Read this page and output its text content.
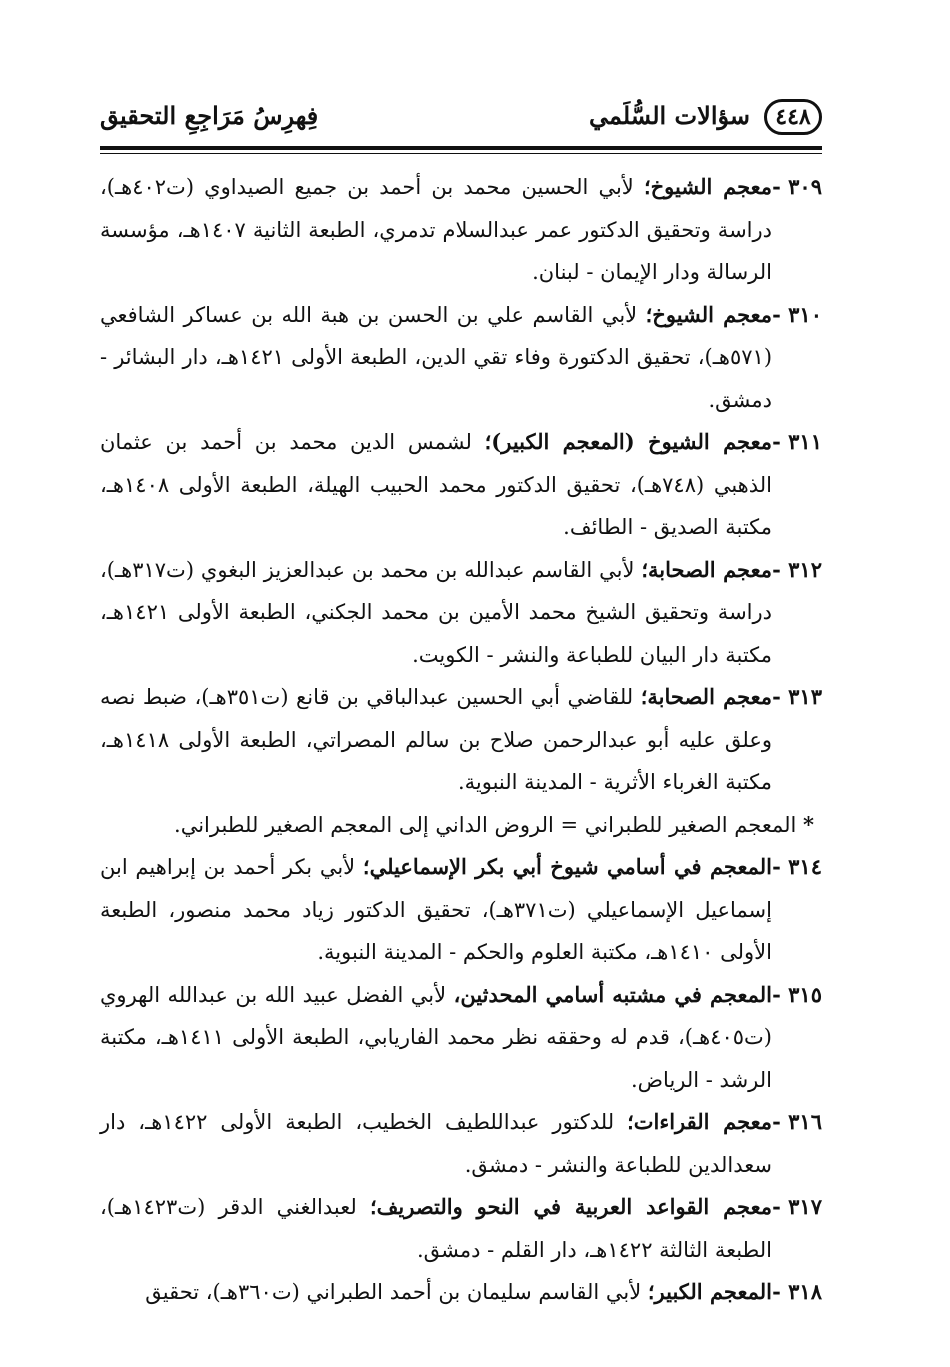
٤٤٨
سؤالات السُّلَمي
فِهرِسُ مَرَاجِعِ التحقيق
٣٠٩ -
معجم الشيوخ؛ لأبي الحسين محمد بن أحمد بن جميع الصيداوي (ت٤٠٢هـ)، دراسة وتحقيق الدكتور عمر عبدالسلام تدمري، الطبعة الثانية ١٤٠٧هـ، مؤسسة الرسالة ودار الإيمان - لبنان.
٣١٠ -
معجم الشيوخ؛ لأبي القاسم علي بن الحسن بن هبة الله بن عساكر الشافعي (٥٧١هـ)، تحقيق الدكتورة وفاء تقي الدين، الطبعة الأولى ١٤٢١هـ، دار البشائر - دمشق.
٣١١ -
معجم الشيوخ (المعجم الكبير)؛ لشمس الدين محمد بن أحمد بن عثمان الذهبي (٧٤٨هـ)، تحقيق الدكتور محمد الحبيب الهيلة، الطبعة الأولى ١٤٠٨هـ، مكتبة الصديق - الطائف.
٣١٢ -
معجم الصحابة؛ لأبي القاسم عبدالله بن محمد بن عبدالعزيز البغوي (ت٣١٧هـ)، دراسة وتحقيق الشيخ محمد الأمين بن محمد الجكني، الطبعة الأولى ١٤٢١هـ، مكتبة دار البيان للطباعة والنشر - الكويت.
٣١٣ -
معجم الصحابة؛ للقاضي أبي الحسين عبدالباقي بن قانع (ت٣٥١هـ)، ضبط نصه وعلق عليه أبو عبدالرحمن صلاح بن سالم المصراتي، الطبعة الأولى ١٤١٨هـ، مكتبة الغرباء الأثرية - المدينة النبوية.
* المعجم الصغير للطبراني = الروض الداني إلى المعجم الصغير للطبراني.
٣١٤ -
المعجم في أسامي شيوخ أبي بكر الإسماعيلي؛ لأبي بكر أحمد بن إبراهيم ابن إسماعيل الإسماعيلي (ت٣٧١هـ)، تحقيق الدكتور زياد محمد منصور، الطبعة الأولى ١٤١٠هـ، مكتبة العلوم والحكم - المدينة النبوية.
٣١٥ -
المعجم في مشتبه أسامي المحدثين، لأبي الفضل عبيد الله بن عبدالله الهروي (ت٤٠٥هـ)، قدم له وحققه نظر محمد الفاريابي، الطبعة الأولى ١٤١١هـ، مكتبة الرشد - الرياض.
٣١٦ -
معجم القراءات؛ للدكتور عبداللطيف الخطيب، الطبعة الأولى ١٤٢٢هـ، دار سعدالدين للطباعة والنشر - دمشق.
٣١٧ -
معجم القواعد العربية في النحو والتصريف؛ لعبدالغني الدقر (ت١٤٢٣هـ)، الطبعة الثالثة ١٤٢٢هـ، دار القلم - دمشق.
٣١٨ -
المعجم الكبير؛ لأبي القاسم سليمان بن أحمد الطبراني (ت٣٦٠هـ)، تحقيق
